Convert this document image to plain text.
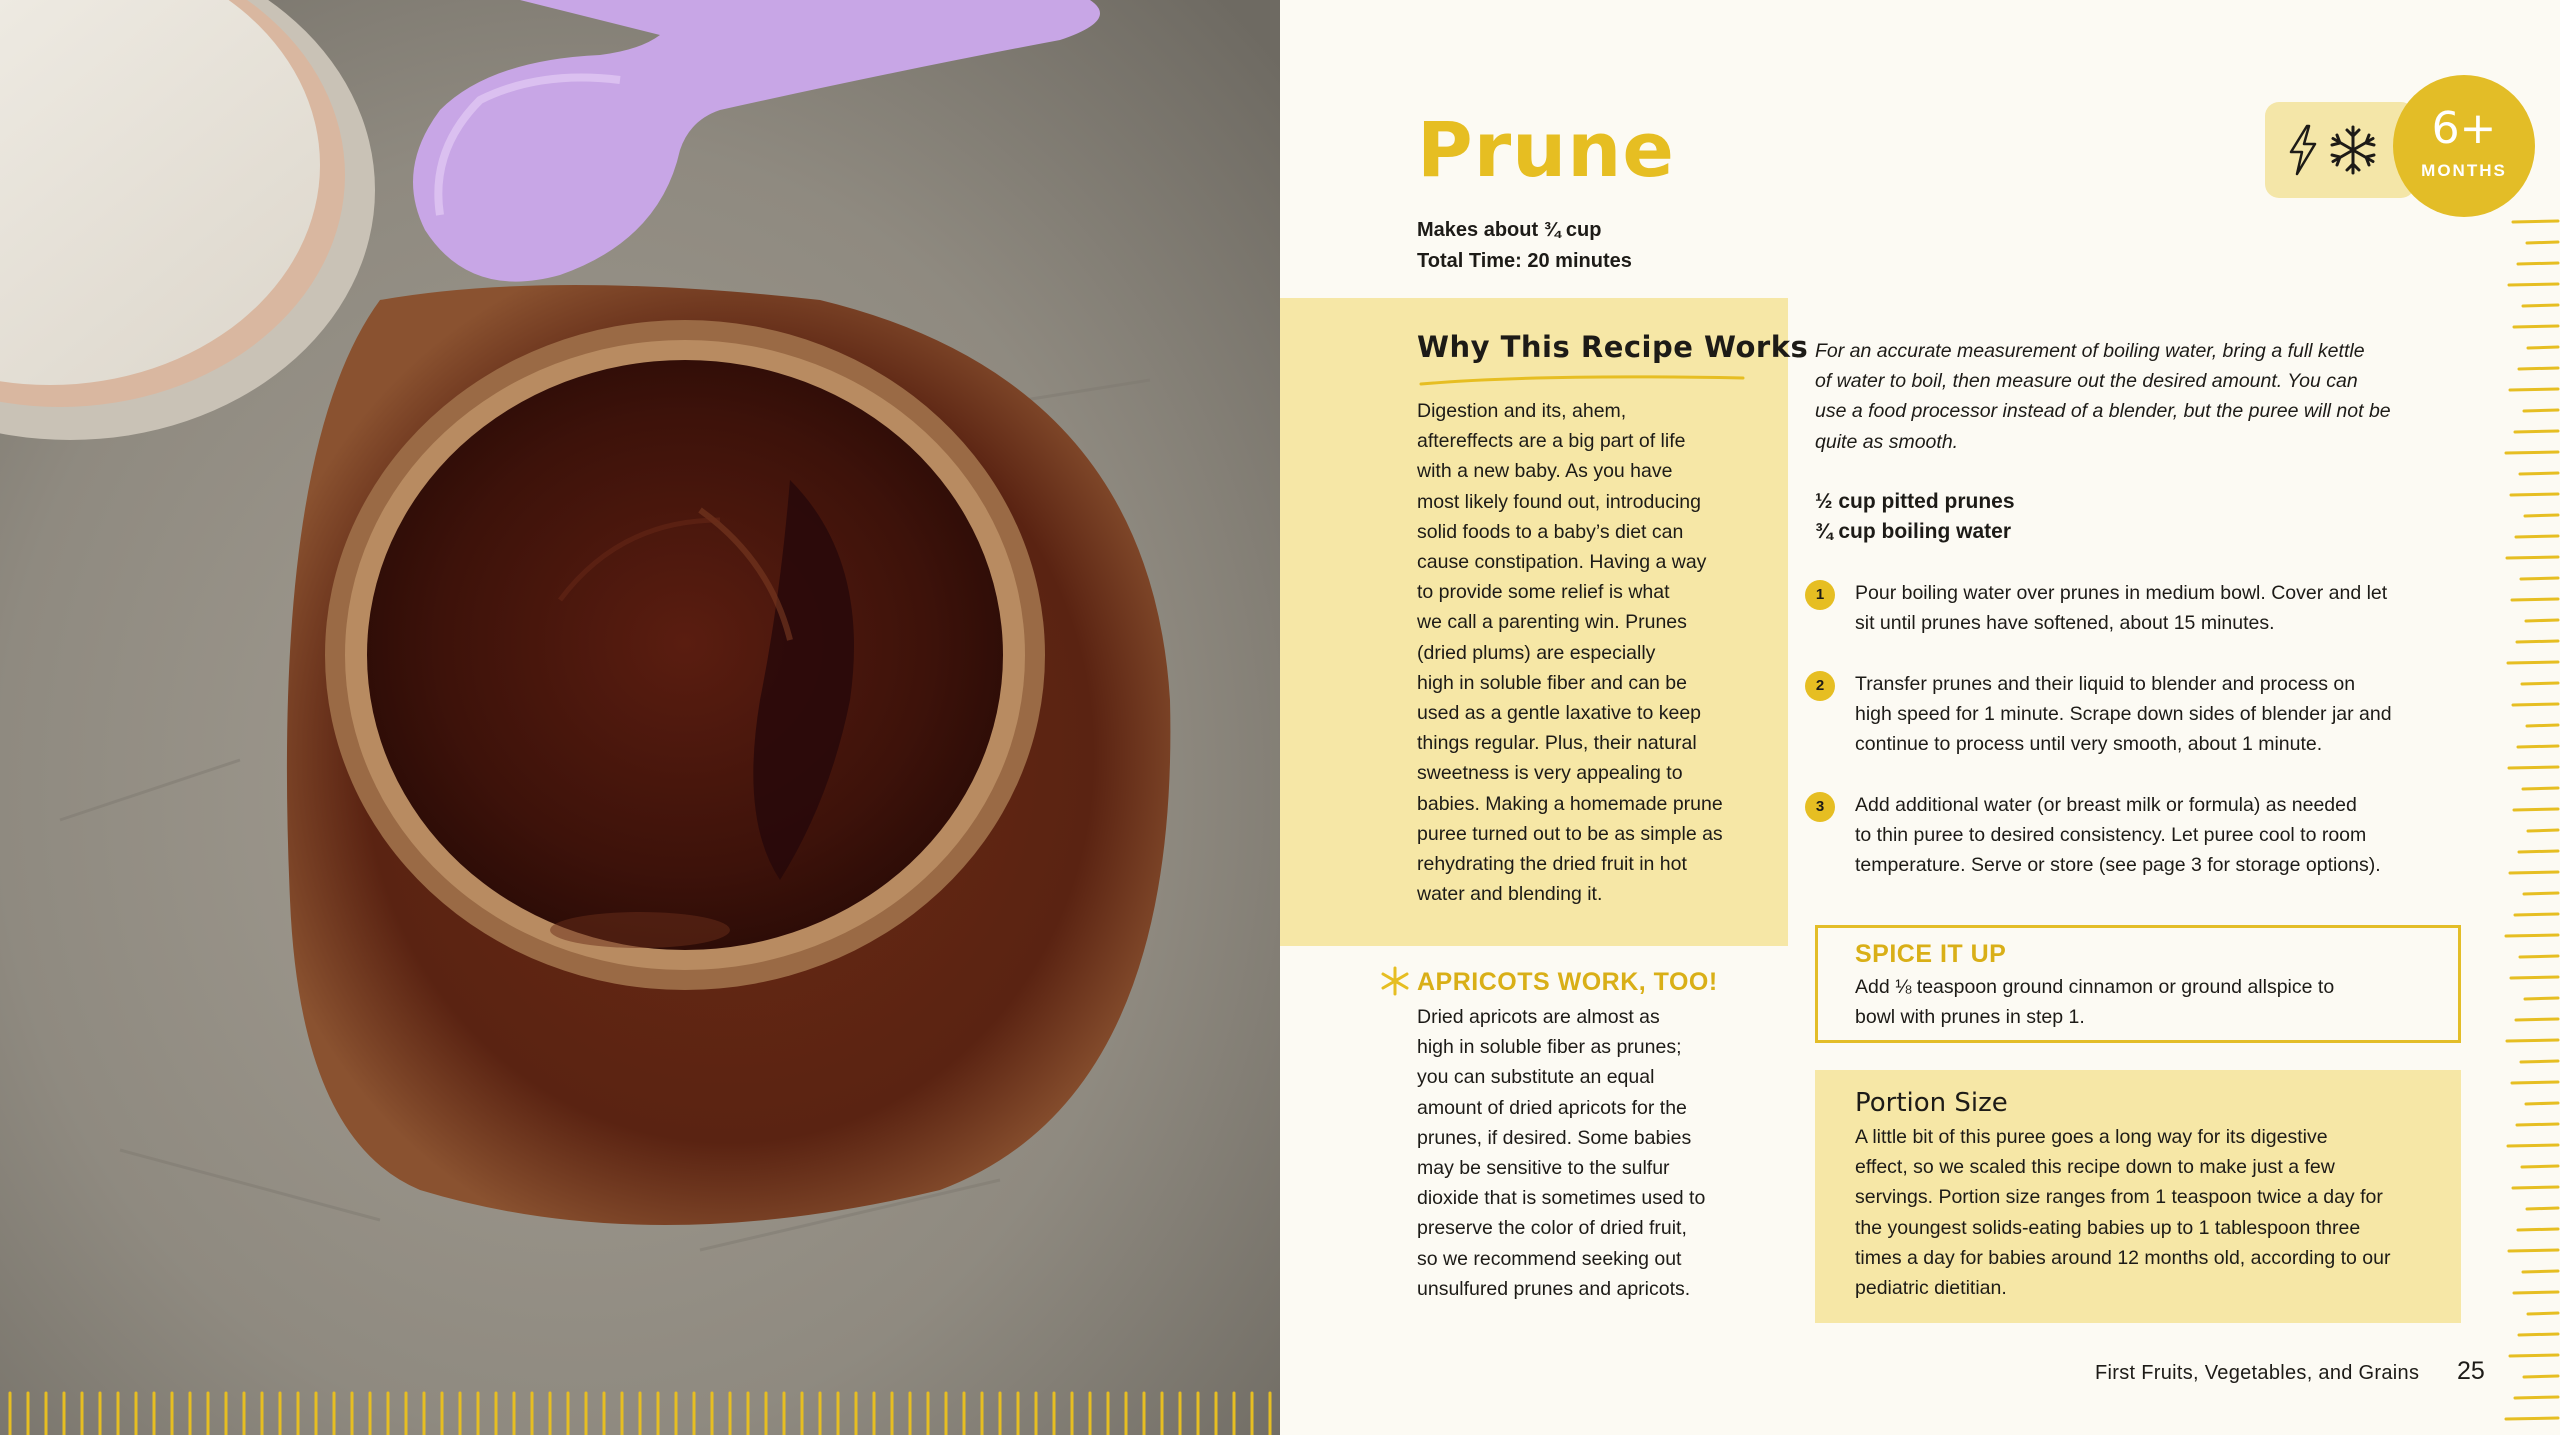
Prune
Makes about ¾ cup
Total Time: 20 minutes
6+
MONTHS
Why This Recipe Works
Digestion and its, ahem,
aftereffects are a big part of life
with a new baby. As you have
most likely found out, introducing
solid foods to a baby’s diet can
cause constipation. Having a way
to provide some relief is what
we call a parenting win. Prunes
(dried plums) are especially
high in soluble fiber and can be
used as a gentle laxative to keep
things regular. Plus, their natural
sweetness is very appealing to
babies. Making a homemade prune
puree turned out to be as simple as
rehydrating the dried fruit in hot
water and blending it.
APRICOTS WORK, TOO!
Dried apricots are almost as
high in soluble fiber as prunes;
you can substitute an equal
amount of dried apricots for the
prunes, if desired. Some babies
may be sensitive to the sulfur
dioxide that is sometimes used to
preserve the color of dried fruit,
so we recommend seeking out
unsulfured prunes and apricots.
For an accurate measurement of boiling water, bring a full kettle
of water to boil, then measure out the desired amount. You can
use a food processor instead of a blender, but the puree will not be
quite as smooth.
½ cup pitted prunes
¾ cup boiling water
1	Pour boiling water over prunes in medium bowl. Cover and let
sit until prunes have softened, about 15 minutes.
2	Transfer prunes and their liquid to blender and process on
high speed for 1 minute. Scrape down sides of blender jar and
continue to process until very smooth, about 1 minute.
3	Add additional water (or breast milk or formula) as needed
to thin puree to desired consistency. Let puree cool to room
temperature. Serve or store (see page 3 for storage options).
SPICE IT UP
Add ⅛ teaspoon ground cinnamon or ground allspice to
bowl with prunes in step 1.
Portion Size
A little bit of this puree goes a long way for its digestive
effect, so we scaled this recipe down to make just a few
servings. Portion size ranges from 1 teaspoon twice a day for
the youngest solids-eating babies up to 1 tablespoon three
times a day for babies around 12 months old, according to our
pediatric dietitian.
First Fruits, Vegetables, and Grains 25
